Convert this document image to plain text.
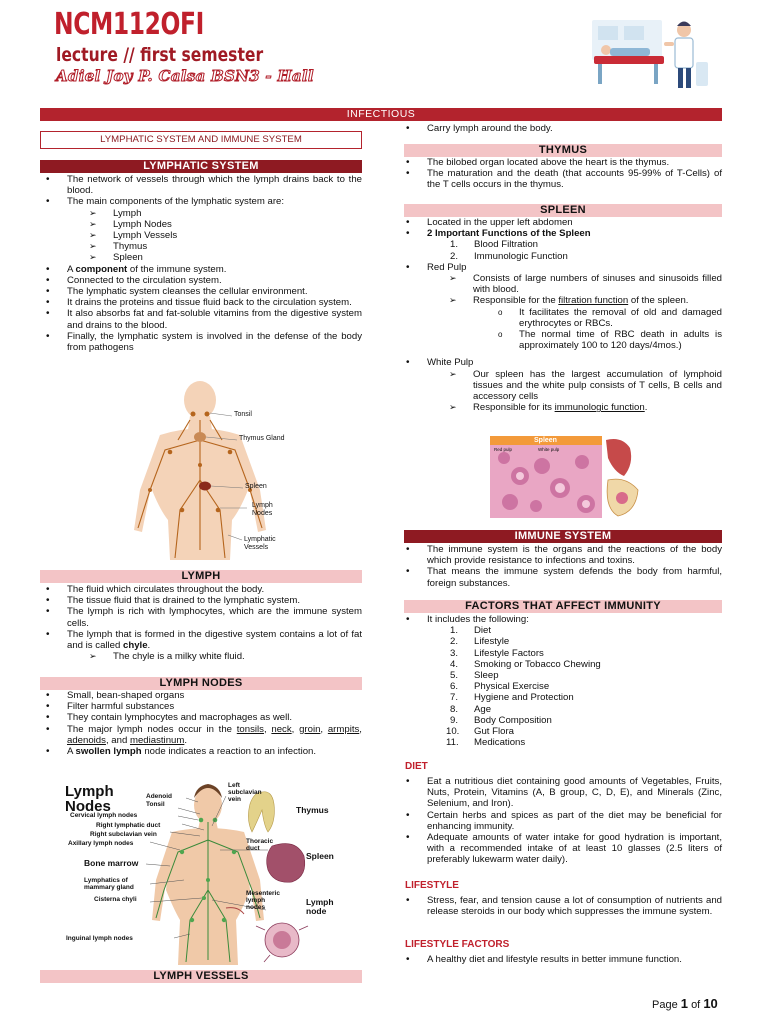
NCM112OFI
lecture // first semester
Adiel Joy P. Calsa BSN3 - Hall
INFECTIOUS
LYMPHATIC SYSTEM AND IMMUNE SYSTEM
LYMPHATIC SYSTEM
• The network of vessels through which the lymph drains back to the blood.
• The main components of the lymphatic system are:
➢ Lymph
➢ Lymph Nodes
➢ Lymph Vessels
➢ Thymus
➢ Spleen
• A component of the immune system.
• Connected to the circulation system.
• The lymphatic system cleanses the cellular environment.
• It drains the proteins and tissue fluid back to the circulation system.
• It also absorbs fat and fat-soluble vitamins from the digestive system and drains to the blood.
• Finally, the lymphatic system is involved in the defense of the body from pathogens
Tonsil
Thymus Gland
Spleen
Lymph
Nodes
Lymphatic
Vessels
LYMPH
• The fluid which circulates throughout the body.
• The tissue fluid that is drained to the lymphatic system.
• The lymph is rich with lymphocytes, which are the immune system cells.
• The lymph that is formed in the digestive system contains a lot of fat and is called chyle.
➢ The chyle is a milky white fluid.
LYMPH NODES
• Small, bean-shaped organs
• Filter harmful substances
• They contain lymphocytes and macrophages as well.
• The major lymph nodes occur in the tonsils, neck, groin, armpits, adenoids, and mediastinum.
• A swollen lymph node indicates a reaction to an infection.
Lymph
Nodes
Adenoid
Tonsil
Cervical lymph nodes
Right lymphatic duct
Right subclavian vein
Axillary lymph nodes
Bone marrow
Lymphatics of
mammary gland
Cisterna chyli
Inguinal lymph nodes
Left
subclavian
vein
Thymus
Thoracic
duct
Spleen
Mesenteric
lymph
nodes
Lymph
node
LYMPH VESSELS
• Carry lymph around the body.
THYMUS
• The bilobed organ located above the heart is the thymus.
• The maturation and the death (that accounts 95-99% of T-Cells) of the T cells occurs in the thymus.
SPLEEN
• Located in the upper left abdomen
• 2 Important Functions of the Spleen
1. Blood Filtration
2. Immunologic Function
• Red Pulp
➢ Consists of large numbers of sinuses and sinusoids filled with blood.
➢ Responsible for the filtration function of the spleen.
o It facilitates the removal of old and damaged erythrocytes or RBCs.
o The normal time of RBC death in adults is approximately 100 to 120 days/4mos.)
• White Pulp
➢ Our spleen has the largest accumulation of lymphoid tissues and the white pulp consists of T cells, B cells and accessory cells
➢ Responsible for its immunologic function.
Spleen
Red pulp	White pulp
IMMUNE SYSTEM
• The immune system is the organs and the reactions of the body which provide resistance to infections and toxins.
• That means the immune system defends the body from harmful, foreign substances.
FACTORS THAT AFFECT IMMUNITY
• It includes the following:
1. Diet
2. Lifestyle
3. Lifestyle Factors
4. Smoking or Tobacco Chewing
5. Sleep
6. Physical Exercise
7. Hygiene and Protection
8. Age
9. Body Composition
10. Gut Flora
11. Medications
DIET
• Eat a nutritious diet containing good amounts of Vegetables, Fruits, Nuts, Protein, Vitamins (A, B group, C, D, E), and Minerals (Zinc, Selenium, and Iron).
• Certain herbs and spices as part of the diet may be beneficial for enhancing immunity.
• Adequate amounts of water intake for good hydration is important, with a recommended intake of at least 10 glasses (2.5 liters of preferably lukewarm water daily).
LIFESTYLE
• Stress, fear, and tension cause a lot of consumption of nutrients and release steroids in our body which suppresses the immune system.
LIFESTYLE FACTORS
• A healthy diet and lifestyle results in better immune function.
Page 1 of 10
